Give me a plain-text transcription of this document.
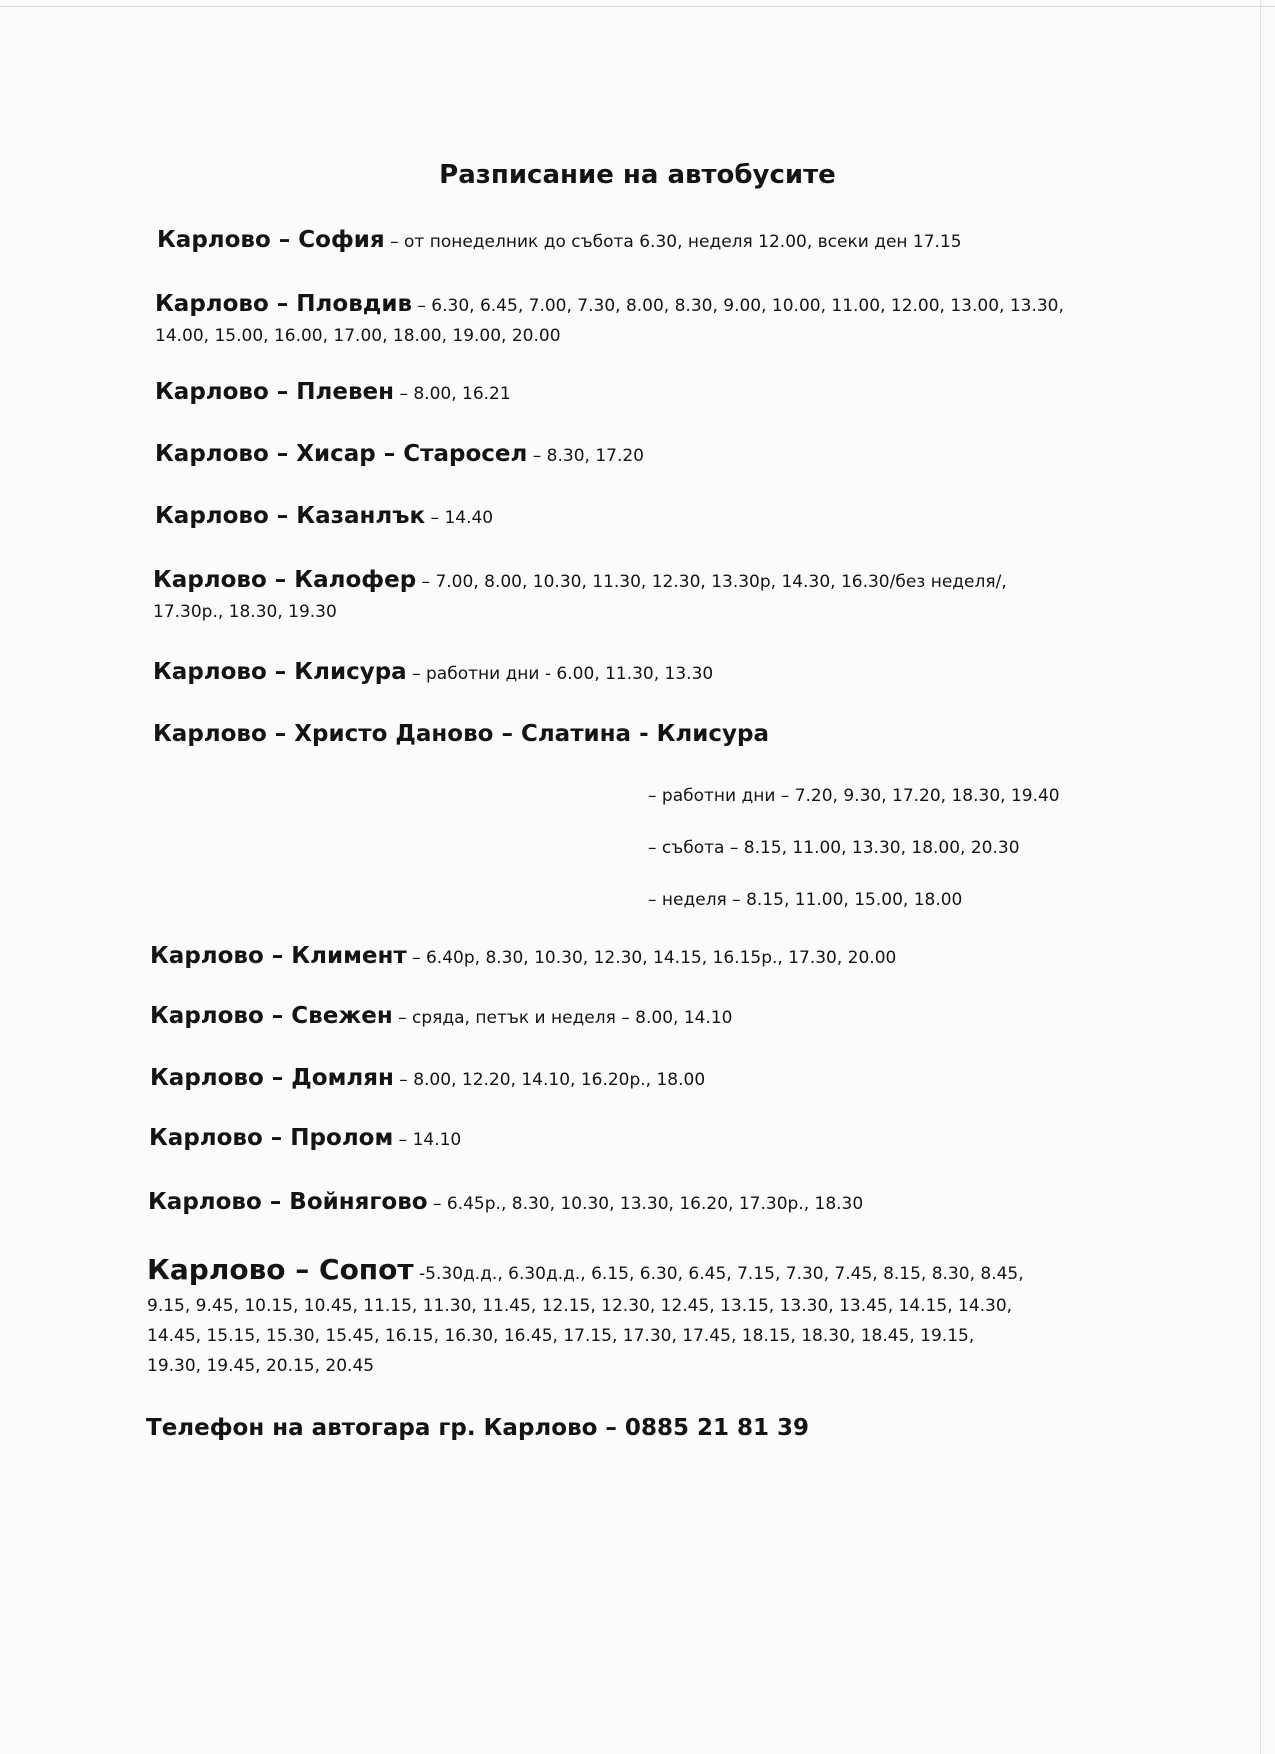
Разписание на автобусите
Карлово – София – от понеделник до събота 6.30, неделя 12.00, всеки ден 17.15
Карлово – Пловдив – 6.30, 6.45, 7.00, 7.30, 8.00, 8.30, 9.00, 10.00, 11.00, 12.00, 13.00, 13.30,
14.00, 15.00, 16.00, 17.00, 18.00, 19.00, 20.00
Карлово – Плевен – 8.00, 16.21
Карлово – Хисар – Старосел – 8.30, 17.20
Карлово – Казанлък – 14.40
Карлово – Калофер – 7.00, 8.00, 10.30, 11.30, 12.30, 13.30р, 14.30, 16.30/без неделя/,
17.30р., 18.30, 19.30
Карлово – Клисура – работни дни - 6.00, 11.30, 13.30
Карлово – Христо Даново – Слатина - Клисура
– работни дни – 7.20, 9.30, 17.20, 18.30, 19.40
– събота – 8.15, 11.00, 13.30, 18.00, 20.30
– неделя – 8.15, 11.00, 15.00, 18.00
Карлово – Климент – 6.40р, 8.30, 10.30, 12.30, 14.15, 16.15р., 17.30, 20.00
Карлово – Свежен – сряда, петък и неделя – 8.00, 14.10
Карлово – Домлян – 8.00, 12.20, 14.10, 16.20р., 18.00
Карлово – Пролом – 14.10
Карлово – Войнягово – 6.45р., 8.30, 10.30, 13.30, 16.20, 17.30р., 18.30
Карлово – Сопот -5.30д.д., 6.30д.д., 6.15, 6.30, 6.45, 7.15, 7.30, 7.45, 8.15, 8.30, 8.45,
9.15, 9.45, 10.15, 10.45, 11.15, 11.30, 11.45, 12.15, 12.30, 12.45, 13.15, 13.30, 13.45, 14.15, 14.30,
14.45, 15.15, 15.30, 15.45, 16.15, 16.30, 16.45, 17.15, 17.30, 17.45, 18.15, 18.30, 18.45, 19.15,
19.30, 19.45, 20.15, 20.45
Телефон на автогара гр. Карлово – 0885 21 81 39
